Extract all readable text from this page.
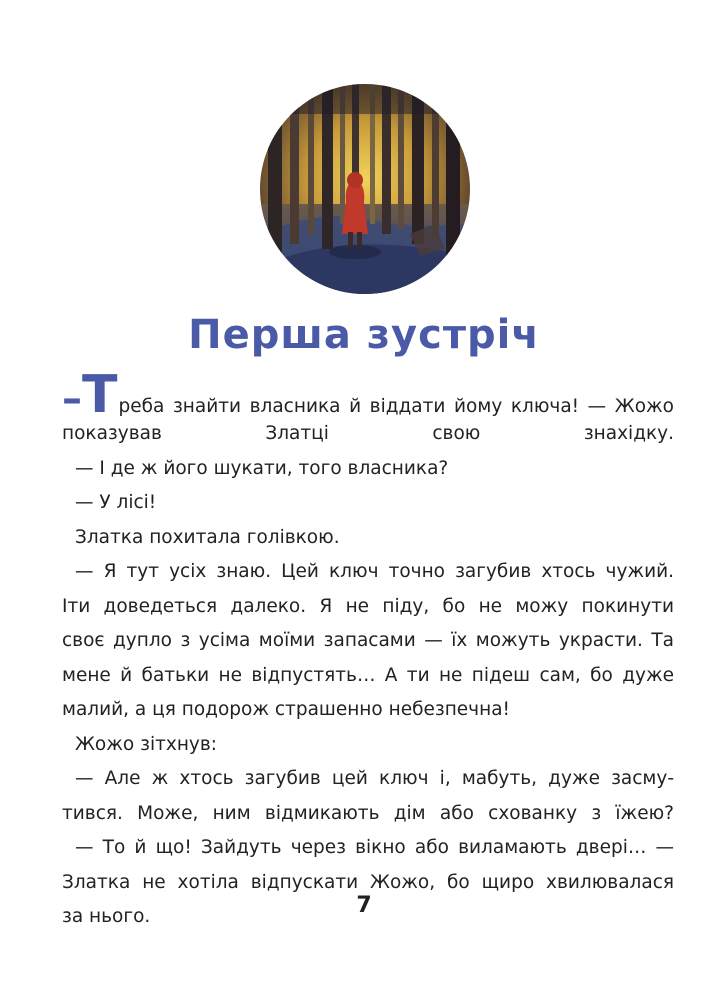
Перша зустріч
–Треба знайти власника й віддати йому ключа! — Жожо
показував Златці свою знахідку.
— І де ж його шукати, того власника?
— У лісі!
Златка похитала голівкою.
— Я тут усіх знаю. Цей ключ точно загубив хтось чужий.
Іти доведеться далеко. Я не піду, бо не можу покинути
своє дупло з усіма моїми запасами — їх можуть украсти. Та
мене й батьки не відпустять… А ти не підеш сам, бо дуже
малий, а ця подорож страшенно небезпечна!
Жожо зітхнув:
— Але ж хтось загубив цей ключ і, мабуть, дуже засму-
тився. Може, ним відмикають дім або схованку з їжею?
— То й що! Зайдуть через вікно або виламають двері… —
Златка не хотіла відпускати Жожо, бо щиро хвилювалася
за нього.	7
